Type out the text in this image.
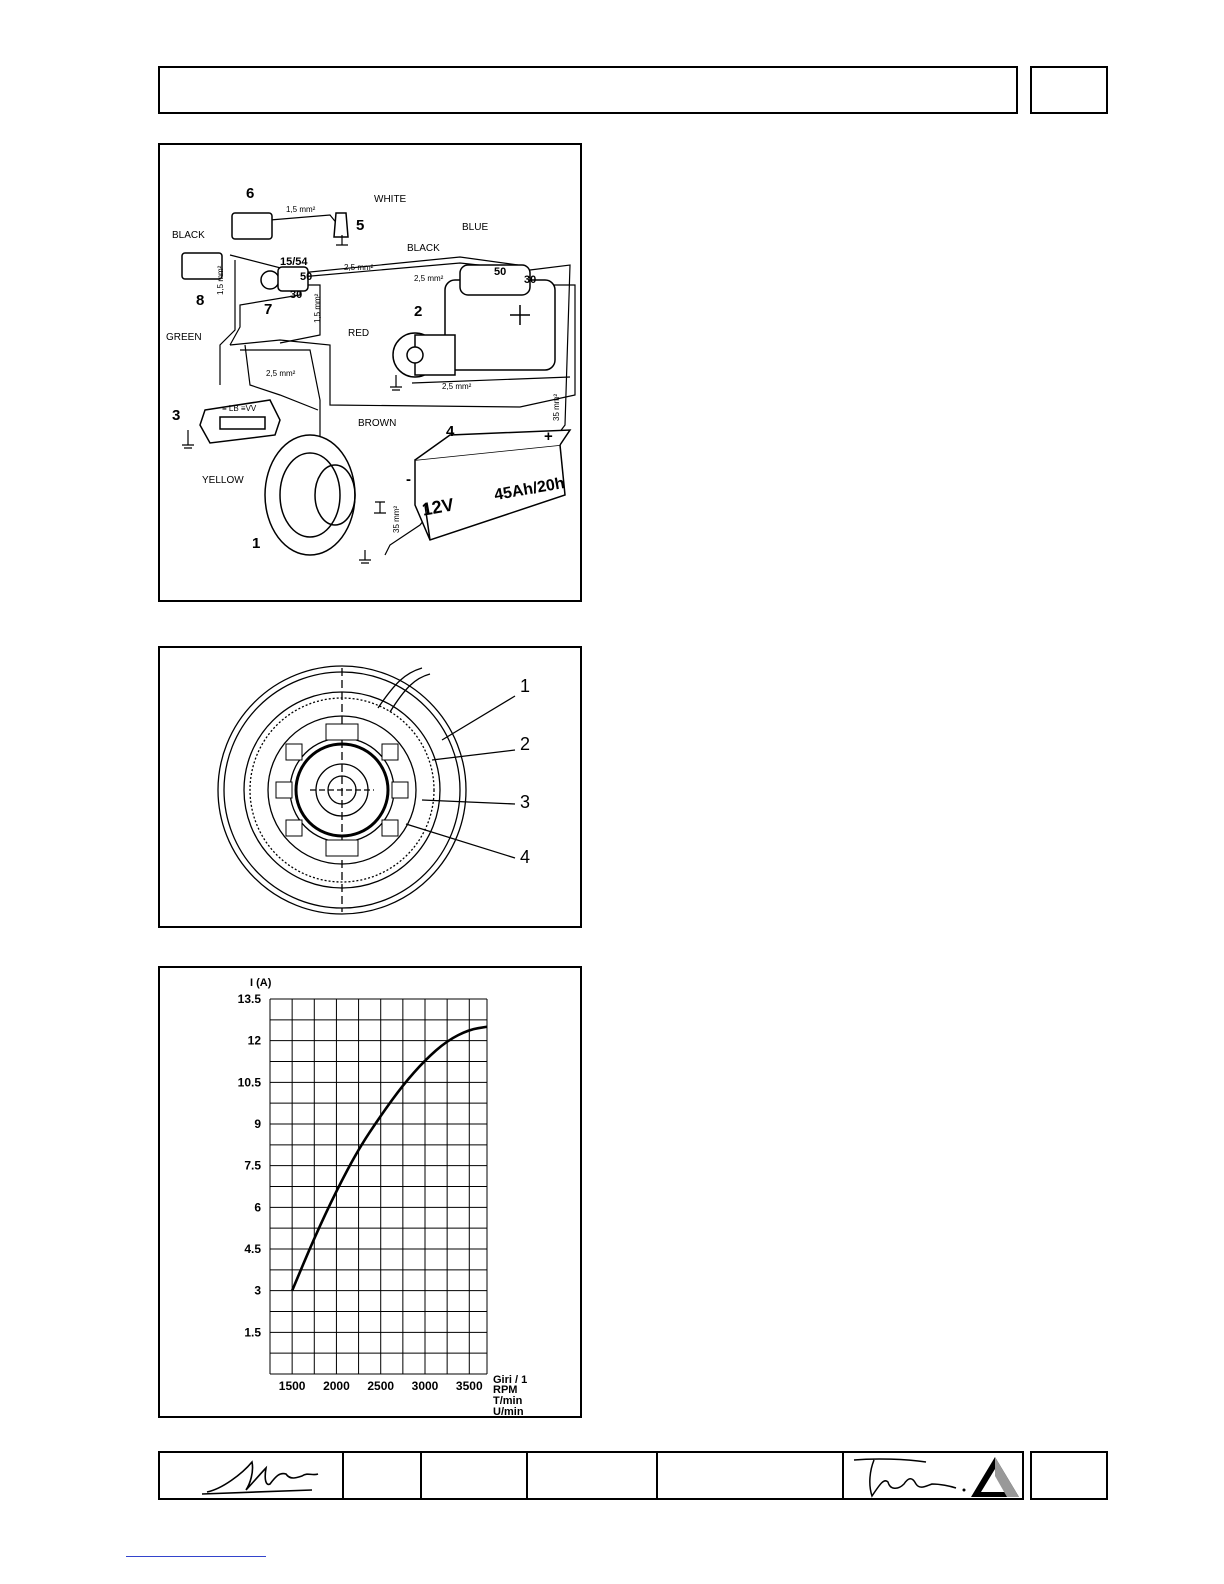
≡ LB ≡VV
WHITE
BLACK
BLUE
BLACK
GREEN	RED
BROWN
YELLOW
1
2
3
4
5
6
7
8
15/54
50
30
50
30
1,5 mm²
2,5 mm²
2,5 mm²
1,5 mm²
1,5 mm²
2,5 mm²
2,5 mm²
35 mm²
35 mm² 12V
45Ah/20h
+
-
1
2
3
4
1.5
3
4.5
6
7.5
9
10.5
12
13.5
1500 2000 2500 3000 3500
I (A)
Giri / 1
RPM
T/min
U/min
